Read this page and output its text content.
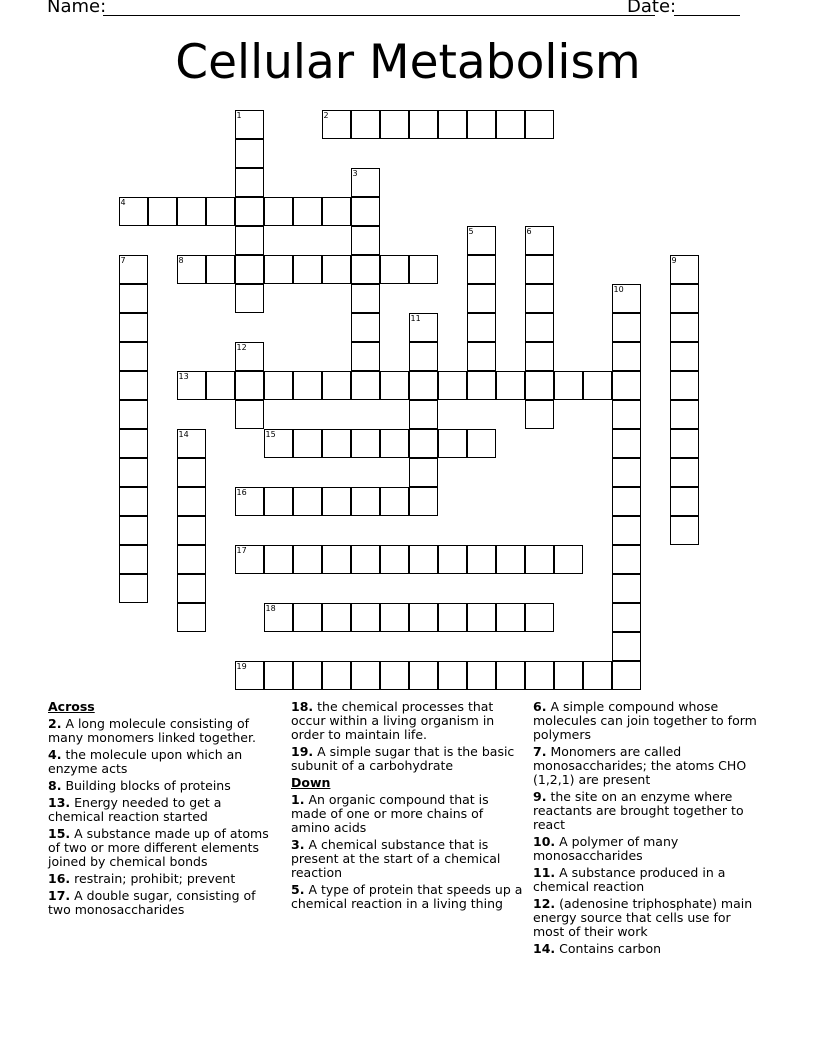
Name:	Date:
Cellular Metabolism
1	2
3
4
5	6
7	8	9
10
11
12
13
14	15
16
17
18
19
Across
2. A long molecule consisting of many monomers linked together.
4. the molecule upon which an enzyme acts
8. Building blocks of proteins
13. Energy needed to get a chemical reaction started
15. A substance made up of atoms of two or more different elements joined by chemical bonds
16. restrain; prohibit; prevent
17. A double sugar, consisting of two monosaccharides
18. the chemical processes that occur within a living organism in order to maintain life.
19. A simple sugar that is the basic subunit of a carbohydrate
Down
1. An organic compound that is made of one or more chains of amino acids
3. A chemical substance that is present at the start of a chemical reaction
5. A type of protein that speeds up a chemical reaction in a living thing
6. A simple compound whose molecules can join together to form polymers
7. Monomers are called monosaccharides; the atoms CHO (1,2,1) are present
9. the site on an enzyme where reactants are brought together to react
10. A polymer of many monosaccharides
11. A substance produced in a chemical reaction
12. (adenosine triphosphate) main energy source that cells use for most of their work
14. Contains carbon
